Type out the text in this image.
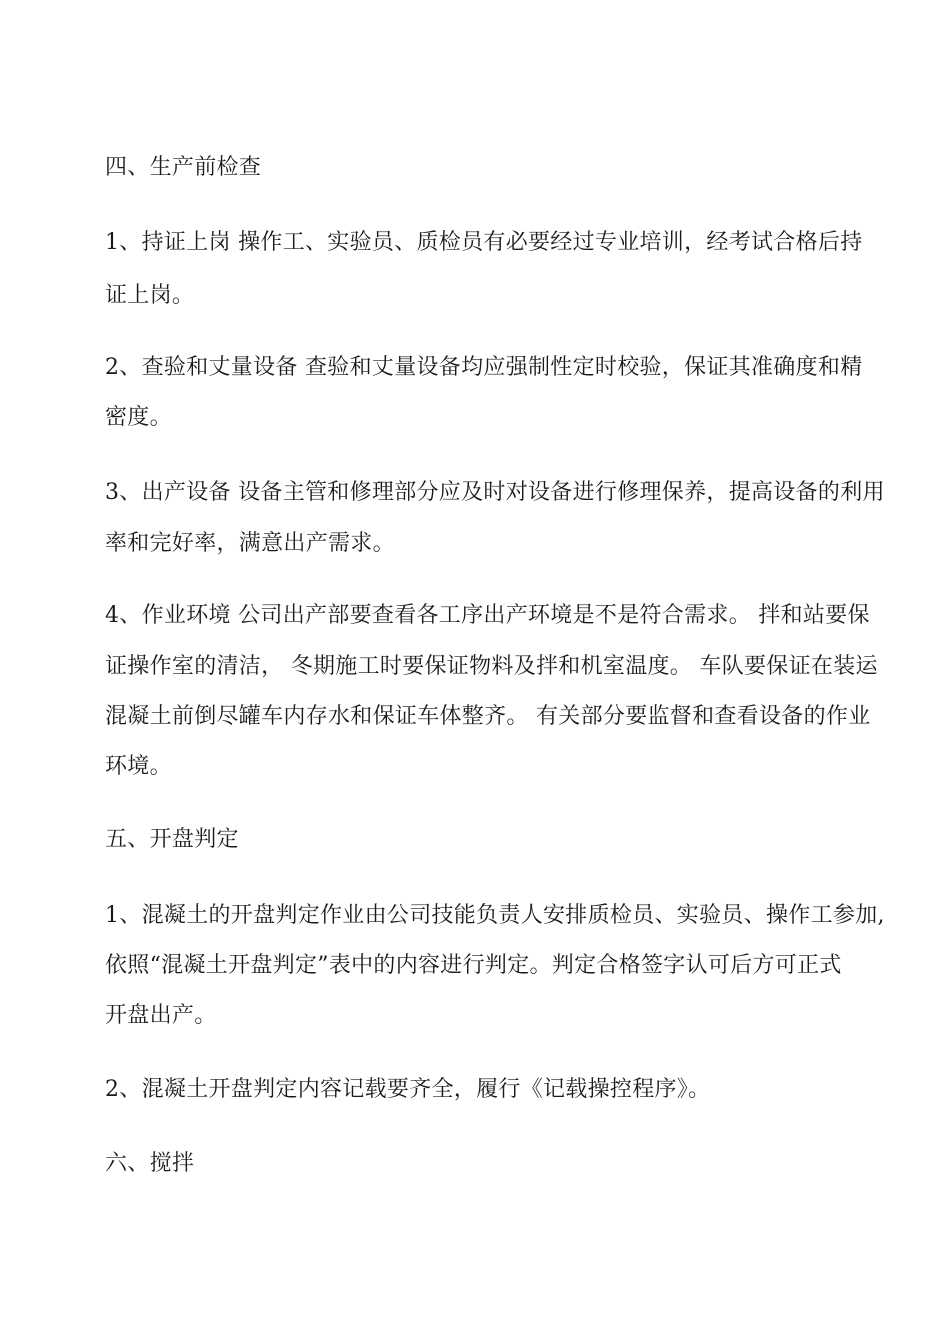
四、生产前检查
1、持证上岗 操作工、实验员、质检员有必要经过专业培训，经考试合格后持
证上岗。
2、查验和丈量设备 查验和丈量设备均应强制性定时校验，保证其准确度和精
密度。
3、出产设备 设备主管和修理部分应及时对设备进行修理保养，提高设备的利用
率和完好率，满意出产需求。
4、作业环境 公司出产部要查看各工序出产环境是不是符合需求。 拌和站要保
证操作室的清洁， 冬期施工时要保证物料及拌和机室温度。 车队要保证在装运
混凝土前倒尽罐车内存水和保证车体整齐。 有关部分要监督和查看设备的作业
环境。
五、开盘判定
1、混凝土的开盘判定作业由公司技能负责人安排质检员、实验员、操作工参加,
依照“混凝土开盘判定”表中的内容进行判定。判定合格签字认可后方可正式
开盘出产。
2、混凝土开盘判定内容记载要齐全，履行《记载操控程序》。
六、搅拌
